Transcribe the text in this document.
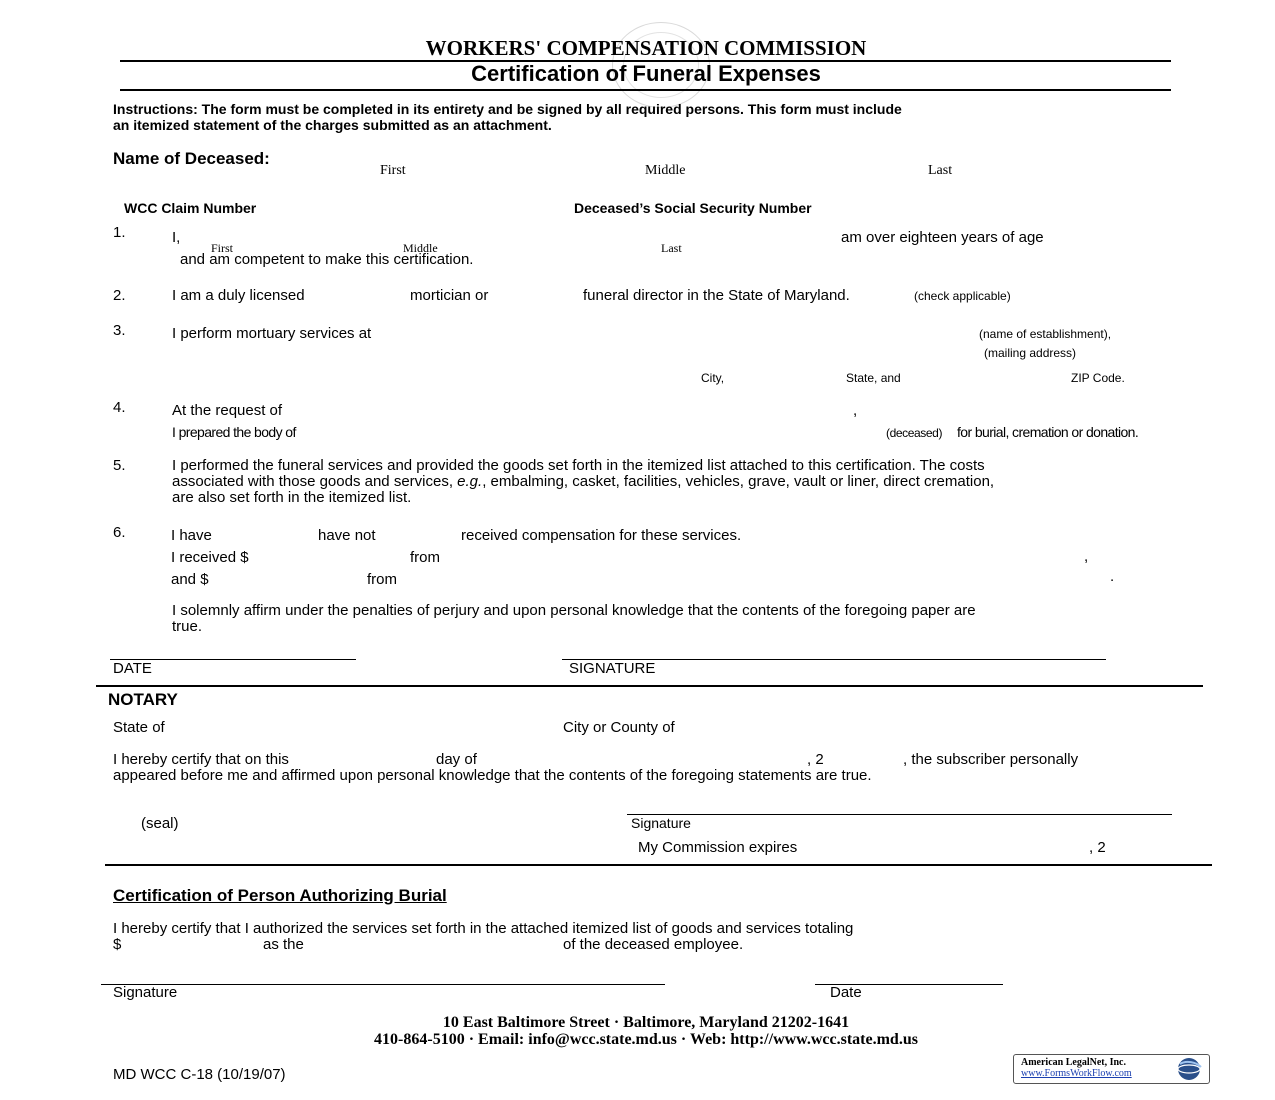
WORKERS' COMPENSATION COMMISSION
Certification of Funeral Expenses
Instructions: The form must be completed in its entirety and be signed by all required persons. This form must include
an itemized statement of the charges submitted as an attachment.
Name of Deceased:
First	Middle	Last
WCC Claim Number	Deceased’s Social Security Number
1.	I,
First	Middle	Last
am over eighteen years of age
and am competent to make this certification.
2.	I am a duly licensed	mortician or	funeral director in the State of Maryland.	(check applicable)
3.	I perform mortuary services at	(name of establishment),
(mailing address)
City,	State, and	ZIP Code.
4.	At the request of	,
I prepared the body of	(deceased) for burial, cremation or donation.
5.	I performed the funeral services and provided the goods set forth in the itemized list attached to this certification. The costs
associated with those goods and services, e.g., embalming, casket, facilities, vehicles, grave, vault or liner, direct cremation,
are also set forth in the itemized list.
6.	I have	have not	received compensation for these services.
I received $	from	,
and $	from	.
I solemnly affirm under the penalties of perjury and upon personal knowledge that the contents of the foregoing paper are
true.
DATE	SIGNATURE
NOTARY
State of	City or County of
I hereby certify that on this	day of	, 2	, the subscriber personally
appeared before me and affirmed upon personal knowledge that the contents of the foregoing statements are true.
(seal)	Signature
My Commission expires	, 2
Certification of Person Authorizing Burial
I hereby certify that I authorized the services set forth in the attached itemized list of goods and services totaling
$	as the	of the deceased employee.
Signature	Date
10 East Baltimore Street · Baltimore, Maryland 21202-1641
410-864-5100 · Email: info@wcc.state.md.us · Web: http://www.wcc.state.md.us
MD WCC C-18 (10/19/07)
American LegalNet, Inc.
www.FormsWorkFlow.com
